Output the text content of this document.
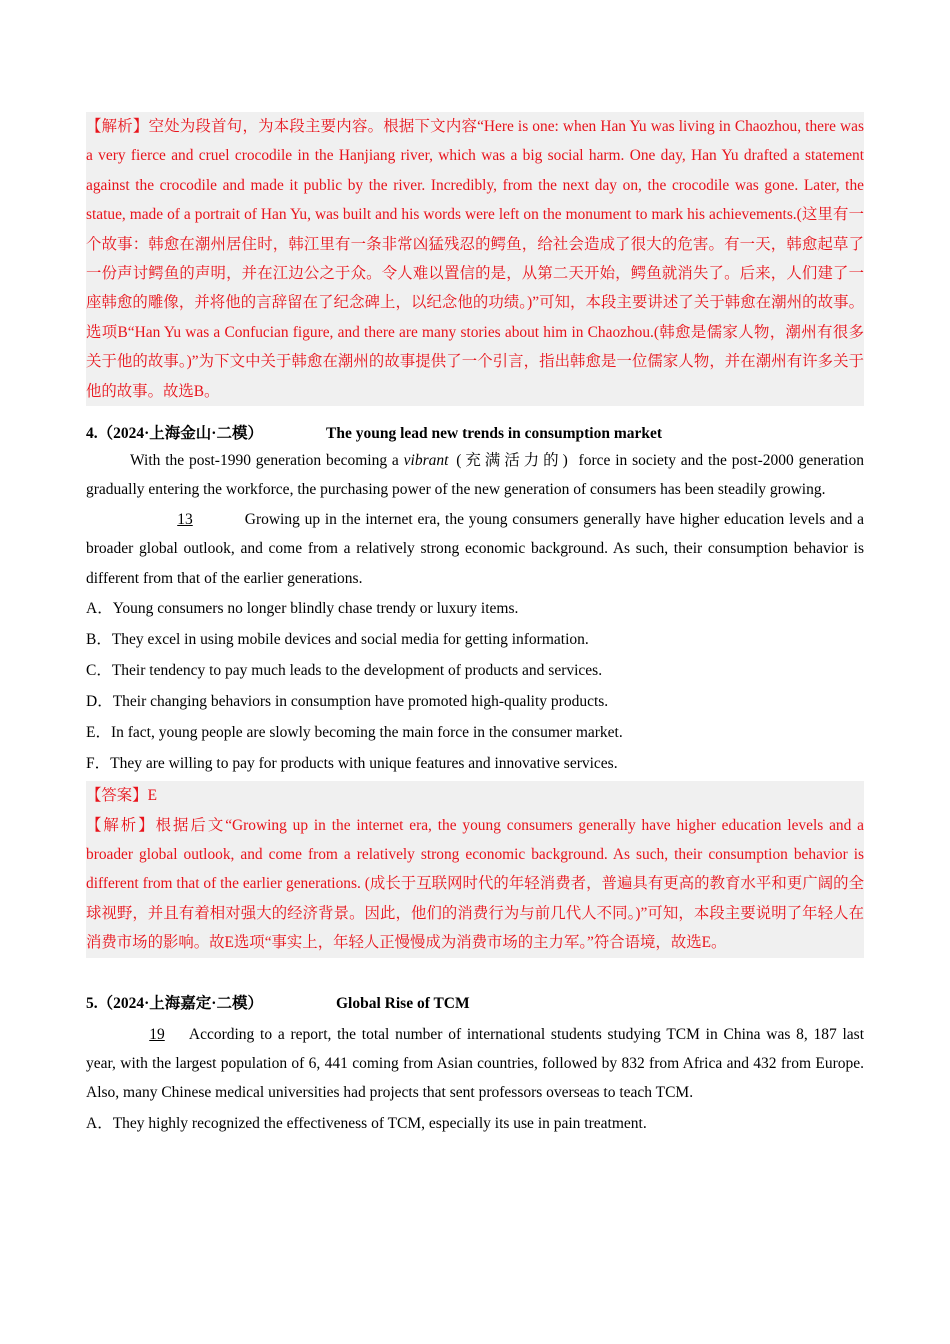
【解析】空处为段首句，为本段主要内容。根据下文内容“Here is one: when Han Yu was living in Chaozhou, there was a very fierce and cruel crocodile in the Hanjiang river, which was a big social harm. One day, Han Yu drafted a statement against the crocodile and made it public by the river. Incredibly, from the next day on, the crocodile was gone. Later, the statue, made of a portrait of Han Yu, was built and his words were left on the monument to mark his achievements.(这里有一个故事：韩愈在潮州居住时，韩江里有一条非常凶猛残忍的鳄鱼，给社会造成了很大的危害。有一天，韩愈起草了一份声讨鳄鱼的声明，并在江边公之于众。令人难以置信的是，从第二天开始，鳄鱼就消失了。后来，人们建了一座韩愈的雕像，并将他的言辞留在了纪念碑上，以纪念他的功绩。)”可知，本段主要讲述了关于韩愈在潮州的故事。选项B“Han Yu was a Confucian figure, and there are many stories about him in Chaozhou.(韩愈是儒家人物，潮州有很多关于他的故事。)”为下文中关于韩愈在潮州的故事提供了一个引言，指出韩愈是一位儒家人物，并在潮州有许多关于他的故事。故选B。

4.（2024·上海金山·二模）	The young lead new trends in consumption market

With the post-1990 generation becoming a vibrant (充满活力的) force in society and the post-2000 generation gradually entering the workforce, the purchasing power of the new generation of consumers has been steadily growing.

13	Growing up in the internet era, the young consumers generally have higher education levels and a broader global outlook, and come from a relatively strong economic background. As such, their consumption behavior is different from that of the earlier generations.

A．Young consumers no longer blindly chase trendy or luxury items.

B．They excel in using mobile devices and social media for getting information.

C．Their tendency to pay much leads to the development of products and services.

D．Their changing behaviors in consumption have promoted high-quality products.

E．In fact, young people are slowly becoming the main force in the consumer market.

F．They are willing to pay for products with unique features and innovative services.

【答案】E

【解析】根据后文“Growing up in the internet era, the young consumers generally have higher education levels and a broader global outlook, and come from a relatively strong economic background. As such, their consumption behavior is different from that of the earlier generations. (成长于互联网时代的年轻消费者，普遍具有更高的教育水平和更广阔的全球视野，并且有着相对强大的经济背景。因此，他们的消费行为与前几代人不同。)”可知，本段主要说明了年轻人在消费市场的影响。故E选项“事实上，年轻人正慢慢成为消费市场的主力军。”符合语境，故选E。

5.（2024·上海嘉定·二模）	Global Rise of TCM

19 According to a report, the total number of international students studying TCM in China was 8, 187 last year, with the largest population of 6, 441 coming from Asian countries, followed by 832 from Africa and 432 from Europe. Also, many Chinese medical universities had projects that sent professors overseas to teach TCM.

A．They highly recognized the effectiveness of TCM, especially its use in pain treatment.
